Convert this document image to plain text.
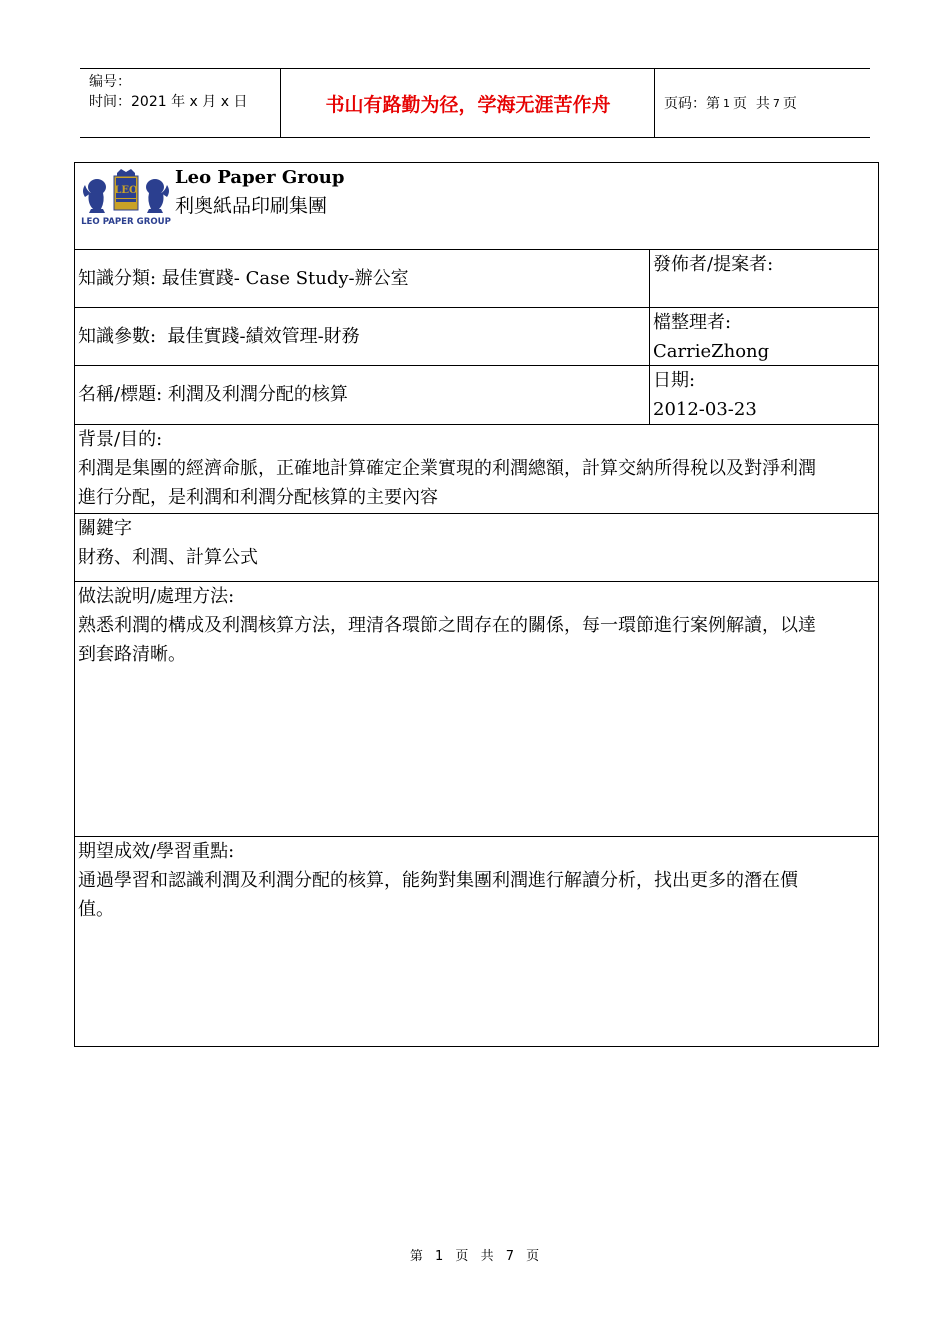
编号：
时间：2021 年 x 月 x 日	书山有路勤为径，学海无涯苦作舟	页码：第 1 页  共 7 页
LEO
LEO PAPER GROUP
Leo Paper Group
利奥紙品印刷集團
知識分類: 最佳實踐- Case Study-辦公室
發佈者/提案者:
知識參數:  最佳實踐-績效管理-財務
檔整理者:
CarrieZhong
名稱/標題: 利潤及利潤分配的核算
日期:
2012-03-23
背景/目的:
利潤是集團的經濟命脈，正確地計算確定企業實現的利潤總額，計算交納所得稅以及對淨利潤
進行分配，是利潤和利潤分配核算的主要內容
關鍵字
財務、利潤、計算公式
做法說明/處理方法:
熟悉利潤的構成及利潤核算方法，理清各環節之間存在的關係，每一環節進行案例解讀，以達
到套路清晰。
期望成效/學習重點:
通過學習和認識利潤及利潤分配的核算，能夠對集團利潤進行解讀分析，找出更多的潛在價
值。
第 1 页 共 7 页
